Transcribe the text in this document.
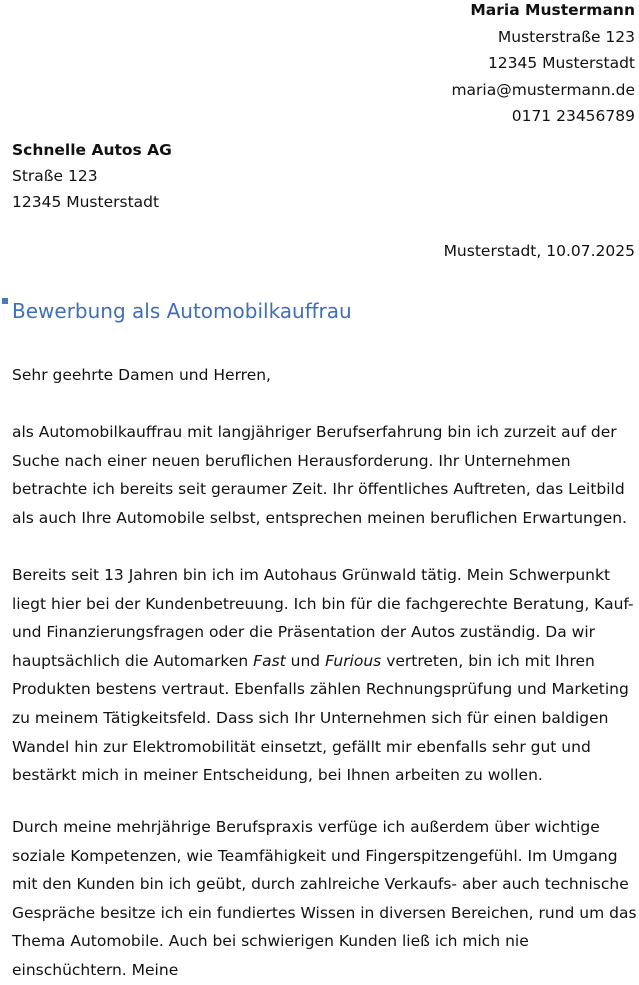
Maria Mustermann
Musterstraße 123
12345 Musterstadt
maria@mustermann.de
0171 23456789
Schnelle Autos AG
Straße 123
12345 Musterstadt
Musterstadt, 10.07.2025
Bewerbung als Automobilkauffrau
Sehr geehrte Damen und Herren,
als Automobilkauffrau mit langjähriger Berufserfahrung bin ich zurzeit auf der Suche nach einer neuen beruflichen Herausforderung. Ihr Unternehmen betrachte ich bereits seit geraumer Zeit. Ihr öffentliches Auftreten, das Leitbild als auch Ihre Automobile selbst, entsprechen meinen beruflichen Erwartungen.
Bereits seit 13 Jahren bin ich im Autohaus Grünwald tätig. Mein Schwerpunkt liegt hier bei der Kundenbetreuung. Ich bin für die fachgerechte Beratung, Kauf- und Finanzierungsfragen oder die Präsentation der Autos zuständig. Da wir hauptsächlich die Automarken Fast und Furious vertreten, bin ich mit Ihren Produkten bestens vertraut. Ebenfalls zählen Rechnungsprüfung und Marketing zu meinem Tätigkeitsfeld. Dass sich Ihr Unternehmen sich für einen baldigen Wandel hin zur Elektromobilität einsetzt, gefällt mir ebenfalls sehr gut und bestärkt mich in meiner Entscheidung, bei Ihnen arbeiten zu wollen.
Durch meine mehrjährige Berufspraxis verfüge ich außerdem über wichtige soziale Kompetenzen, wie Teamfähigkeit und Fingerspitzengefühl. Im Umgang mit den Kunden bin ich geübt, durch zahlreiche Verkaufs- aber auch technische Gespräche besitze ich ein fundiertes Wissen in diversen Bereichen, rund um das Thema Automobile. Auch bei schwierigen Kunden ließ ich mich nie einschüchtern. Meine
